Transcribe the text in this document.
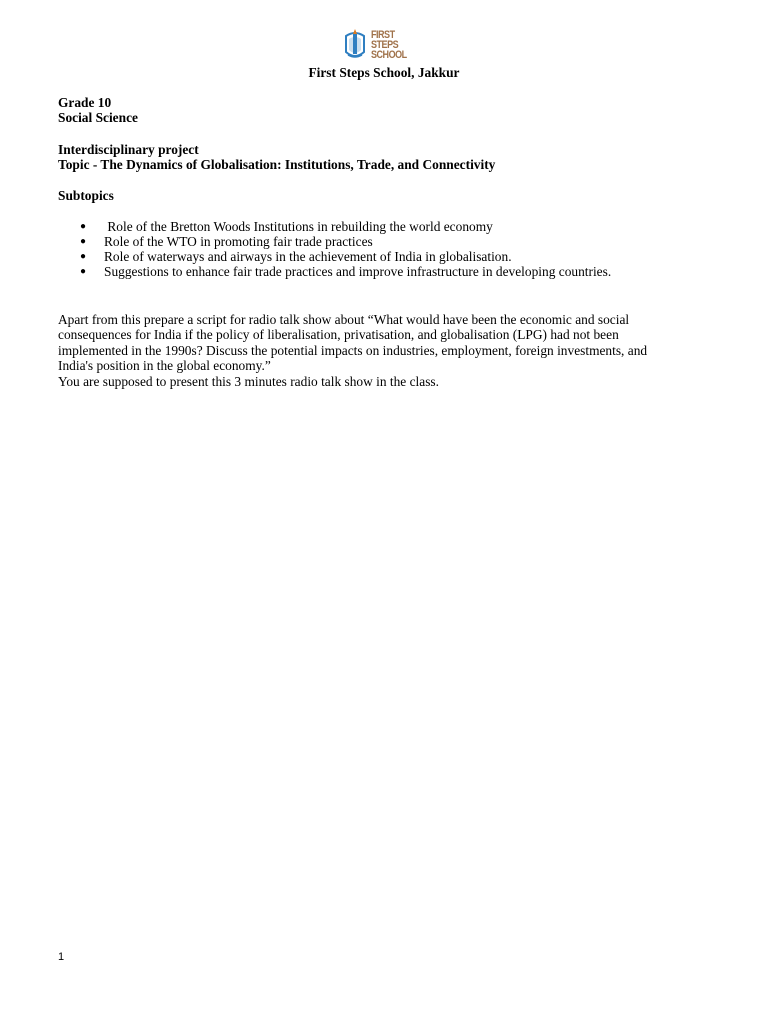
FIRST STEPS
SCHOOL
First Steps School, Jakkur
Grade 10
Social Science
Interdisciplinary project
Topic - The Dynamics of Globalisation: Institutions, Trade, and Connectivity
Subtopics
● Role of the Bretton Woods Institutions in rebuilding the world economy
● Role of the WTO in promoting fair trade practices
● Role of waterways and airways in the achievement of India in globalisation.
● Suggestions to enhance fair trade practices and improve infrastructure in developing countries.
Apart from this prepare a script for radio talk show about “What would have been the economic and social
consequences for India if the policy of liberalisation, privatisation, and globalisation (LPG) had not been
implemented in the 1990s? Discuss the potential impacts on industries, employment, foreign investments, and
India's position in the global economy.”
You are supposed to present this 3 minutes radio talk show in the class.
1
